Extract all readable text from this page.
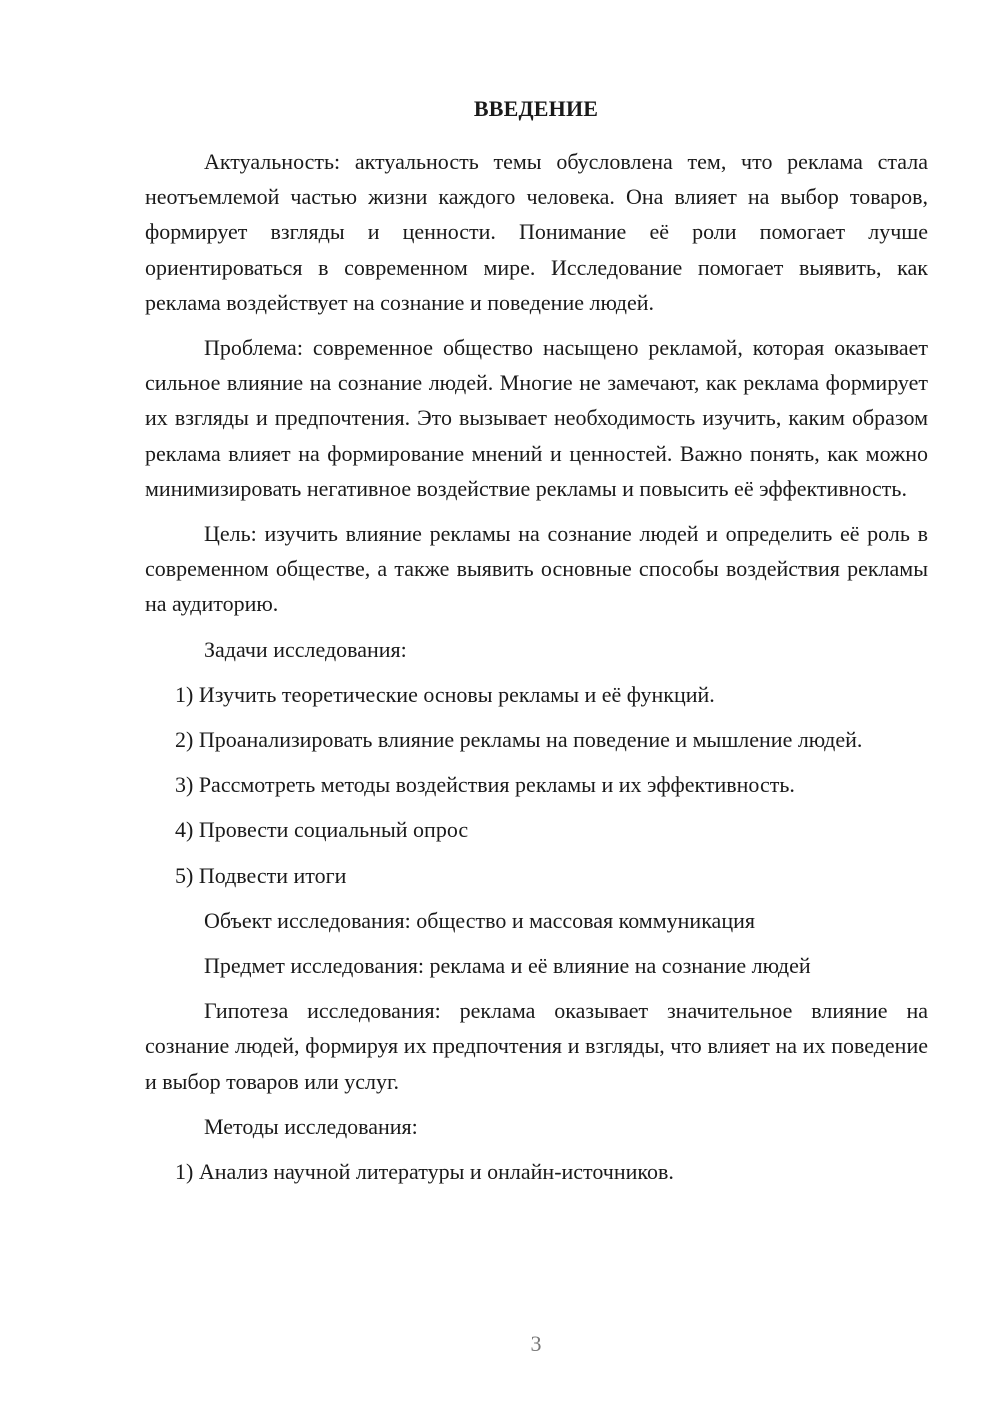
ВВЕДЕНИЕ

Актуальность: актуальность темы обусловлена тем, что реклама стала неотъемлемой частью жизни каждого человека. Она влияет на выбор товаров, формирует взгляды и ценности. Понимание её роли помогает лучше ориентироваться в современном мире. Исследование помогает выявить, как реклама воздействует на сознание и поведение людей.

Проблема: современное общество насыщено рекламой, которая оказывает сильное влияние на сознание людей. Многие не замечают, как реклама формирует их взгляды и предпочтения. Это вызывает необходимость изучить, каким образом реклама влияет на формирование мнений и ценностей. Важно понять, как можно минимизировать негативное воздействие рекламы и повысить её эффективность.

Цель: изучить влияние рекламы на сознание людей и определить её роль в современном обществе, а также выявить основные способы воздействия рекламы на аудиторию.

Задачи исследования:

1) Изучить теоретические основы рекламы и её функций.

2) Проанализировать влияние рекламы на поведение и мышление людей.

3) Рассмотреть методы воздействия рекламы и их эффективность.

4) Провести социальный опрос

5) Подвести итоги

Объект исследования: общество и массовая коммуникация

Предмет исследования: реклама и её влияние на сознание людей

Гипотеза исследования: реклама оказывает значительное влияние на сознание людей, формируя их предпочтения и взгляды, что влияет на их поведение и выбор товаров или услуг.

Методы исследования:

1) Анализ научной литературы и онлайн-источников.

3
